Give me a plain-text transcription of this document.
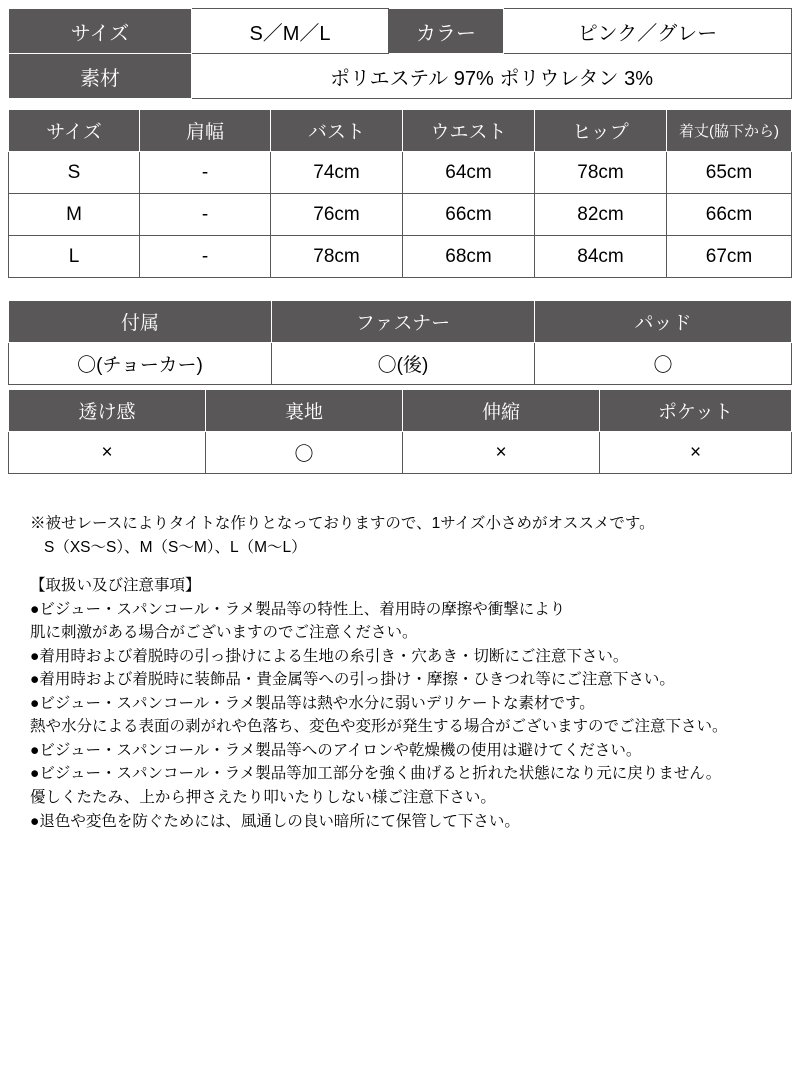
サイズ	S／M／L	カラー	ピンク／グレー
素材	ポリエステル 97% ポリウレタン 3%		
サイズ	肩幅	バスト	ウエスト	ヒップ	着丈(脇下から)
S	-	74cm	64cm	78cm	65cm
M	-	76cm	66cm	82cm	66cm
L	-	78cm	68cm	84cm	67cm
付属	ファスナー	パッド
〇(チョーカー)	〇(後)	〇
透け感	裏地	伸縮	ポケット
×	〇	×	×
※被せレースによりタイトな作りとなっておりますので、1サイズ小さめがオススメです。
S（XS〜S）、M（S〜M）、L（M〜L）
【取扱い及び注意事項】
●ビジュー・スパンコール・ラメ製品等の特性上、着用時の摩擦や衝撃により
肌に刺激がある場合がございますのでご注意ください。
●着用時および着脱時の引っ掛けによる生地の糸引き・穴あき・切断にご注意下さい。
●着用時および着脱時に装飾品・貴金属等への引っ掛け・摩擦・ひきつれ等にご注意下さい。
●ビジュー・スパンコール・ラメ製品等は熱や水分に弱いデリケートな素材です。
熱や水分による表面の剥がれや色落ち、変色や変形が発生する場合がございますのでご注意下さい。
●ビジュー・スパンコール・ラメ製品等へのアイロンや乾燥機の使用は避けてください。
●ビジュー・スパンコール・ラメ製品等加工部分を強く曲げると折れた状態になり元に戻りません。
優しくたたみ、上から押さえたり叩いたりしない様ご注意下さい。
●退色や変色を防ぐためには、風通しの良い暗所にて保管して下さい。
